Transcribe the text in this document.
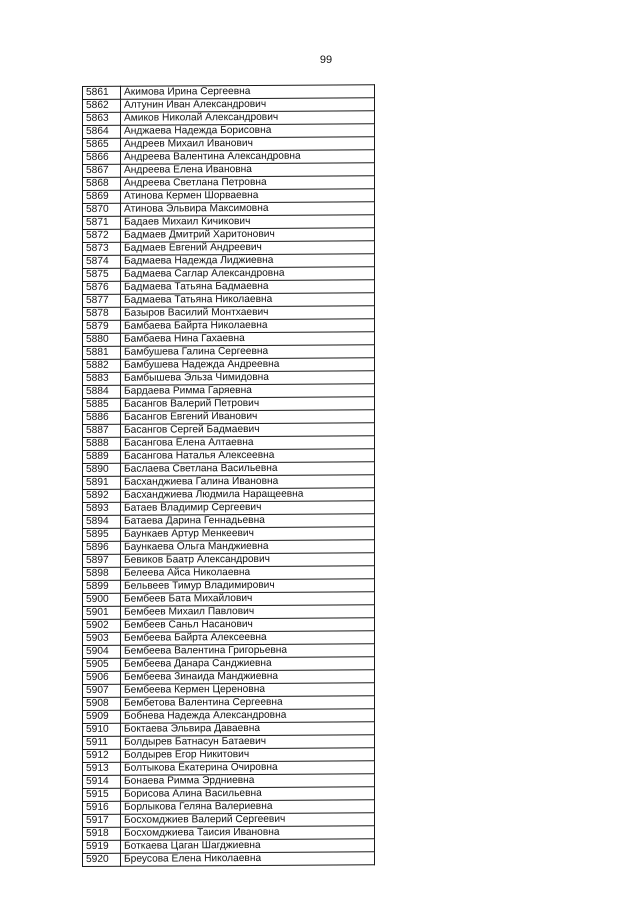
99
5861	Акимова Ирина Сергеевна
5862	Алтунин Иван Александрович
5863	Амиков Николай Александрович
5864	Анджаева Надежда Борисовна
5865	Андреев Михаил Иванович
5866	Андреева Валентина Александровна
5867	Андреева Елена Ивановна
5868	Андреева Светлана Петровна
5869	Атинова Кермен Шорваевна
5870	Атинова Эльвира Максимовна
5871	Бадаев Михаил Кичикович
5872	Бадмаев Дмитрий Харитонович
5873	Бадмаев Евгений Андреевич
5874	Бадмаева Надежда Лиджиевна
5875	Бадмаева Саглар Александровна
5876	Бадмаева Татьяна Бадмаевна
5877	Бадмаева Татьяна Николаевна
5878	Базыров Василий Монтхаевич
5879	Бамбаева Байрта Николаевна
5880	Бамбаева Нина Гахаевна
5881	Бамбушева Галина Сергеевна
5882	Бамбушева Надежда Андреевна
5883	Бамбышева Эльза Чимидовна
5884	Бардаева Римма Гаряевна
5885	Басангов Валерий Петрович
5886	Басангов Евгений Иванович
5887	Басангов Сергей Бадмаевич
5888	Басангова Елена Алтаевна
5889	Басангова Наталья Алексеевна
5890	Баслаева Светлана Васильевна
5891	Басханджиева Галина Ивановна
5892	Басханджиева Людмила Наращеевна
5893	Батаев Владимир Сергеевич
5894	Батаева Дарина Геннадьевна
5895	Баункаев Артур Менкеевич
5896	Баункаева Ольга Манджиевна
5897	Бевиков Баатр Александрович
5898	Белеева Айса Николаевна
5899	Бельвеев Тимур Владимирович
5900	Бембеев Бата Михайлович
5901	Бембеев Михаил Павлович
5902	Бембеев Саньл Насанович
5903	Бембеева Байрта Алексеевна
5904	Бембеева Валентина Григорьевна
5905	Бембеева Данара Санджиевна
5906	Бембеева Зинаида Манджиевна
5907	Бембеева Кермен Цереновна
5908	Бембетова Валентина Сергеевна
5909	Бобнева Надежда Александровна
5910	Боктаева Эльвира Даваевна
5911	Болдырев Батнасун Батаевич
5912	Болдырев Егор Никитович
5913	Болтыкова Екатерина Очировна
5914	Бонаева Римма Эрдниевна
5915	Борисова Алина Васильевна
5916	Борлыкова Геляна Валериевна
5917	Босхомджиев Валерий Сергеевич
5918	Босхомджиева Таисия Ивановна
5919	Боткаева Цаган Шагджиевна
5920	Бреусова Елена Николаевна
